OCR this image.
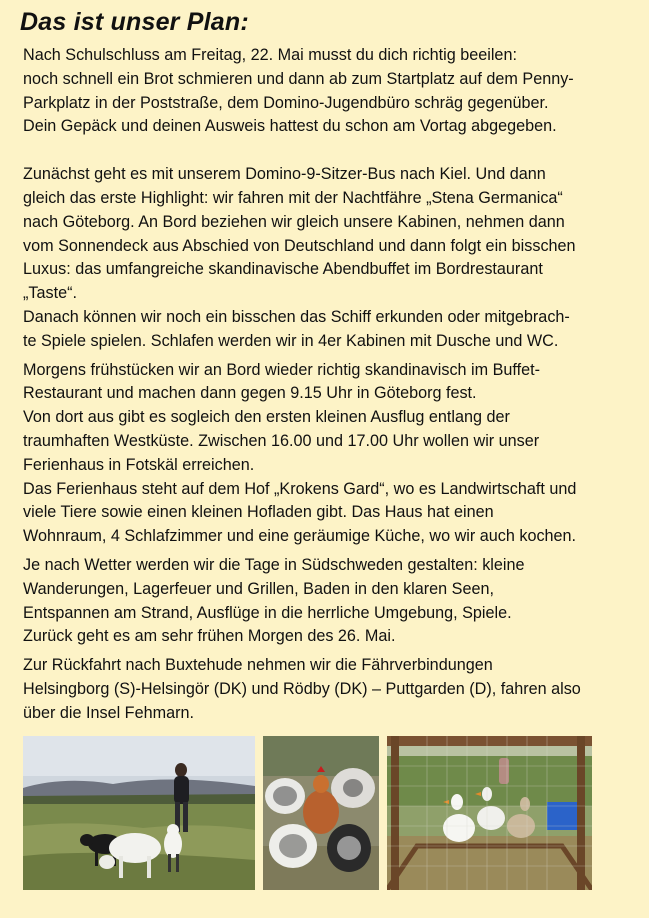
Das ist unser Plan:

Nach Schulschluss am Freitag, 22. Mai musst du dich richtig beeilen:

noch schnell ein Brot schmieren und dann ab zum Startplatz auf dem Penny-

Parkplatz in der Poststraße, dem Domino-Jugendbüro schräg gegenüber.

Dein Gepäck und deinen Ausweis hattest du schon am Vortag abgegeben.

Zunächst geht es mit unserem Domino-9-Sitzer-Bus nach Kiel. Und dann

gleich das erste Highlight: wir fahren mit der Nachtfähre „Stena Germanica“

nach Göteborg. An Bord beziehen wir gleich unsere Kabinen, nehmen dann

vom Sonnendeck aus Abschied von Deutschland und dann folgt ein bisschen

Luxus: das umfangreiche skandinavische Abendbuffet im Bordrestaurant

„Taste“.

Danach können wir noch ein bisschen das Schiff erkunden oder mitgebrach-

te Spiele spielen. Schlafen werden wir in 4er Kabinen mit Dusche und WC.

Morgens frühstücken wir an Bord wieder richtig skandinavisch im Buffet-

Restaurant und machen dann gegen 9.15 Uhr in Göteborg fest.

Von dort aus gibt es sogleich den ersten kleinen Ausflug entlang der

traumhaften Westküste. Zwischen 16.00 und 17.00 Uhr wollen wir unser

Ferienhaus in Fotskäl erreichen.

Das Ferienhaus steht auf dem Hof „Krokens Gard“, wo es Landwirtschaft und

viele Tiere sowie einen kleinen Hofladen gibt. Das Haus hat einen

Wohnraum, 4 Schlafzimmer und eine geräumige Küche, wo wir auch kochen.

Je nach Wetter werden wir die Tage in Südschweden gestalten: kleine

Wanderungen, Lagerfeuer und Grillen, Baden in den klaren Seen,

Entspannen am Strand, Ausflüge in die herrliche Umgebung, Spiele.

Zurück geht es am sehr frühen Morgen des 26. Mai.

Zur Rückfahrt nach Buxtehude nehmen wir die Fährverbindungen

Helsingborg (S)-Helsingör (DK) und Rödby (DK) – Puttgarden (D), fahren also

über die Insel Fehmarn.
